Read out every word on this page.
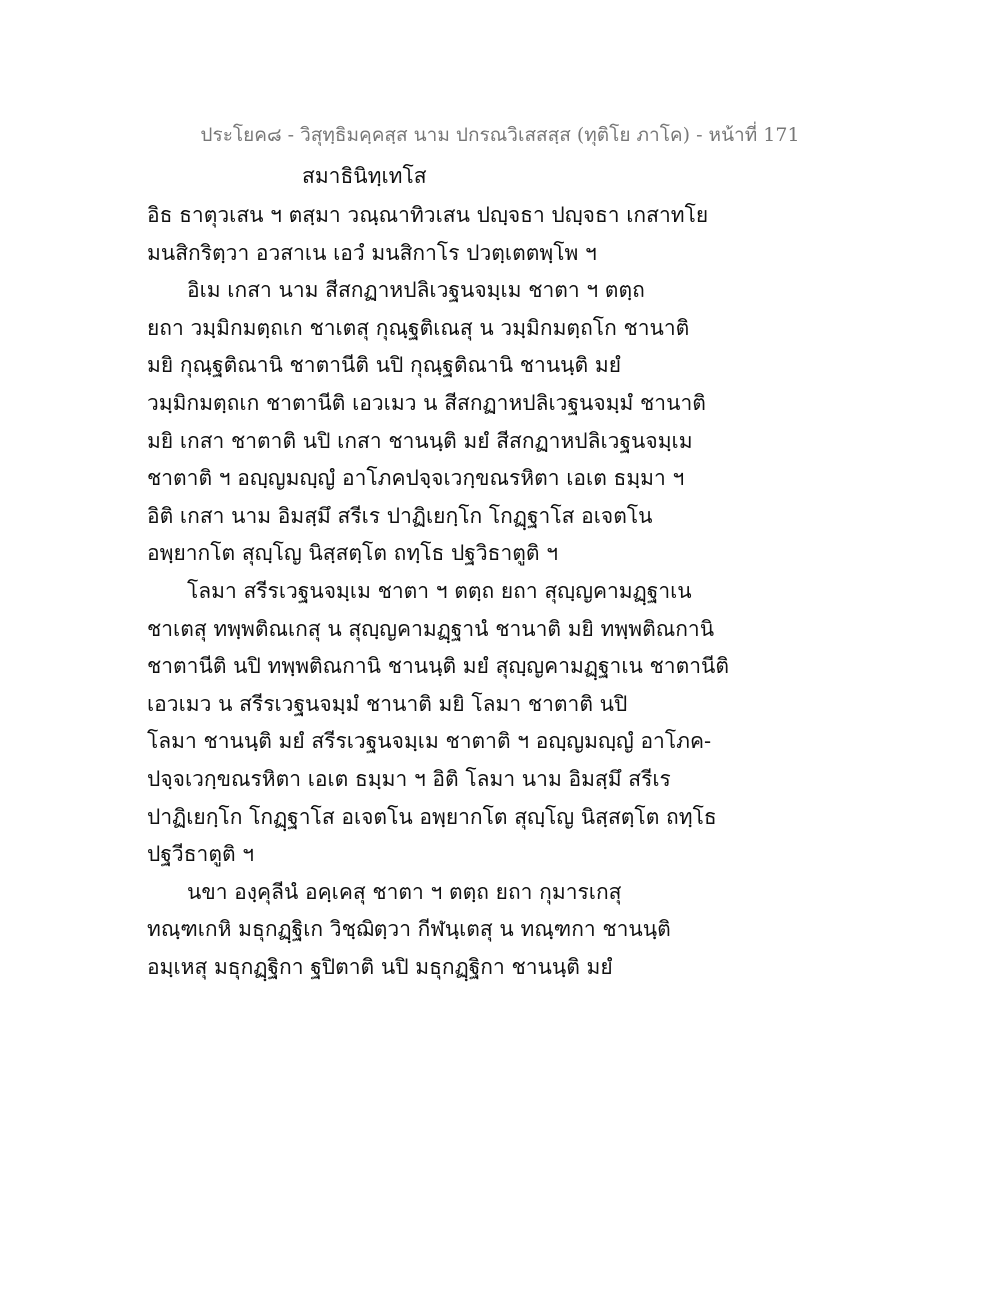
ประโยค๘ - วิสุทฺธิมคฺคสฺส นาม ปกรณวิเสสสฺส (ทุติโย ภาโค) - หน้าที่ 171
สมาธินิทฺเทโส
อิธ ธาตุวเสน ฯ ตสฺมา วณฺณาทิวเสน ปญฺจธา ปญฺจธา เกสาทโย
มนสิกริตฺวา อวสาเน เอวํ มนสิกาโร ปวตฺเตตพฺโพ ฯ
อิเม เกสา นาม สีสกฏาหปลิเวฐนจมฺเม ชาตา ฯ ตตฺถ
ยถา วมฺมิกมตฺถเก ชาเตสุ กุณฺฐติเณสุ น วมฺมิกมตฺถโก ชานาติ
มยิ กุณฺฐติณานิ ชาตานีติ นปิ กุณฺฐติณานิ ชานนฺติ มยํ
วมฺมิกมตฺถเก ชาตานีติ เอวเมว น สีสกฏาหปลิเวฐนจมฺมํ ชานาติ
มยิ เกสา ชาตาติ นปิ เกสา ชานนฺติ มยํ สีสกฏาหปลิเวฐนจมฺเม
ชาตาติ ฯ อญฺญมญฺญํ อาโภคปจฺจเวกฺขณรหิตา เอเต ธมฺมา ฯ
อิติ เกสา นาม อิมสฺมึ สรีเร ปาฏิเยกฺโก โกฏฺฐาโส อเจตโน
อพฺยากโต สุญฺโญ นิสฺสตฺโต ถทฺโธ ปฐวิธาตูติ ฯ
โลมา สรีรเวฐนจมฺเม ชาตา ฯ ตตฺถ ยถา สุญฺญคามฏฺฐาเน
ชาเตสุ ทพฺพติณเกสุ น สุญฺญคามฏฺฐานํ ชานาติ มยิ ทพฺพติณกานิ
ชาตานีติ นปิ ทพฺพติณกานิ ชานนฺติ มยํ สุญฺญคามฏฺฐาเน ชาตานีติ
เอวเมว น สรีรเวฐนจมฺมํ ชานาติ มยิ โลมา ชาตาติ นปิ
โลมา ชานนฺติ มยํ สรีรเวฐนจมฺเม ชาตาติ ฯ อญฺญมญฺญํ อาโภค-
ปจฺจเวกฺขณรหิตา เอเต ธมฺมา ฯ อิติ โลมา นาม อิมสฺมึ สรีเร
ปาฏิเยกฺโก โกฏฺฐาโส อเจตโน อพฺยากโต สุญฺโญ นิสฺสตฺโต ถทฺโธ
ปฐวีธาตูติ ฯ
นขา องฺคุลีนํ อคฺเคสุ ชาตา ฯ ตตฺถ ยถา กุมารเกสุ
ทณฺฑเกหิ มธุกฏฺฐิเก วิชฺฌิตฺวา กีฬนฺเตสุ น ทณฺฑกา ชานนฺติ
อมฺเหสุ มธุกฏฺฐิกา ฐปิตาติ นปิ มธุกฏฺฐิกา ชานนฺติ มยํ
